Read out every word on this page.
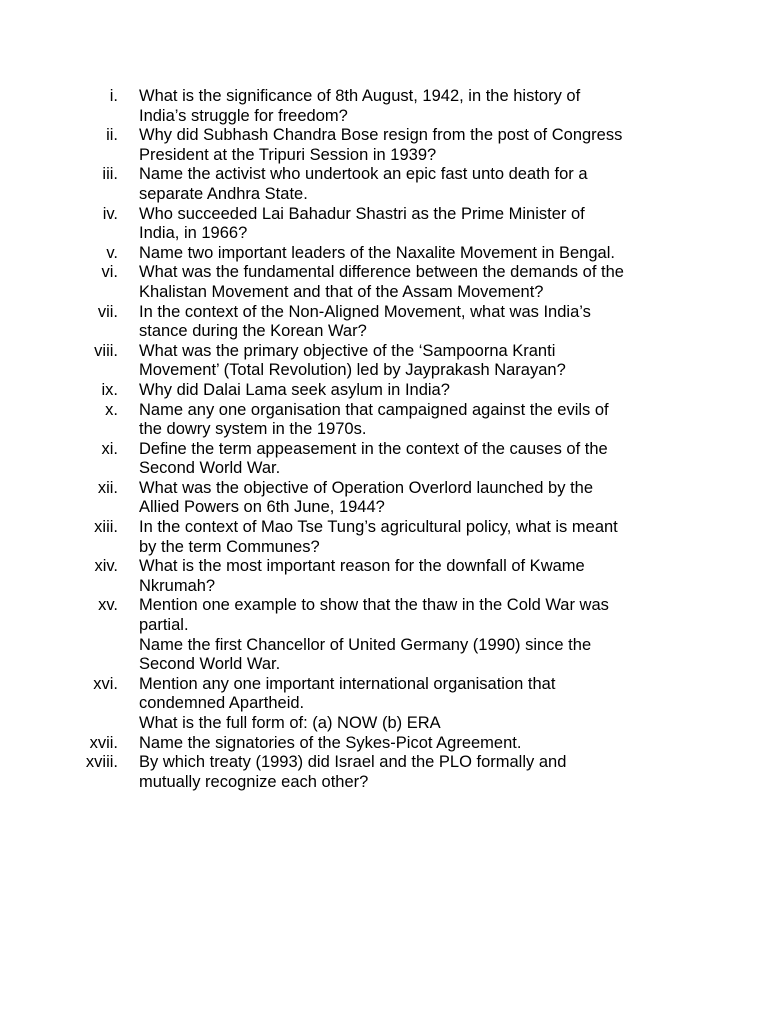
i. What is the significance of 8th August, 1942, in the history of
India’s struggle for freedom?
ii. Why did Subhash Chandra Bose resign from the post of Congress
President at the Tripuri Session in 1939?
iii. Name the activist who undertook an epic fast unto death for a
separate Andhra State.
iv. Who succeeded Lai Bahadur Shastri as the Prime Minister of
India, in 1966?
v. Name two important leaders of the Naxalite Movement in Bengal.
vi. What was the fundamental difference between the demands of the
Khalistan Movement and that of the Assam Movement?
vii. In the context of the Non-Aligned Movement, what was India’s
stance during the Korean War?
viii. What was the primary objective of the ‘Sampoorna Kranti
Movement’ (Total Revolution) led by Jayprakash Narayan?
ix. Why did Dalai Lama seek asylum in India?
x. Name any one organisation that campaigned against the evils of
the dowry system in the 1970s.
xi. Define the term appeasement in the context of the causes of the
Second World War.
xii. What was the objective of Operation Overlord launched by the
Allied Powers on 6th June, 1944?
xiii. In the context of Mao Tse Tung’s agricultural policy, what is meant
by the term Communes?
xiv. What is the most important reason for the downfall of Kwame
Nkrumah?
xv. Mention one example to show that the thaw in the Cold War was
partial.
Name the first Chancellor of United Germany (1990) since the
Second World War.
xvi. Mention any one important international organisation that
condemned Apartheid.
What is the full form of: (a) NOW (b) ERA
xvii. Name the signatories of the Sykes-Picot Agreement.
xviii. By which treaty (1993) did Israel and the PLO formally and
mutually recognize each other?
